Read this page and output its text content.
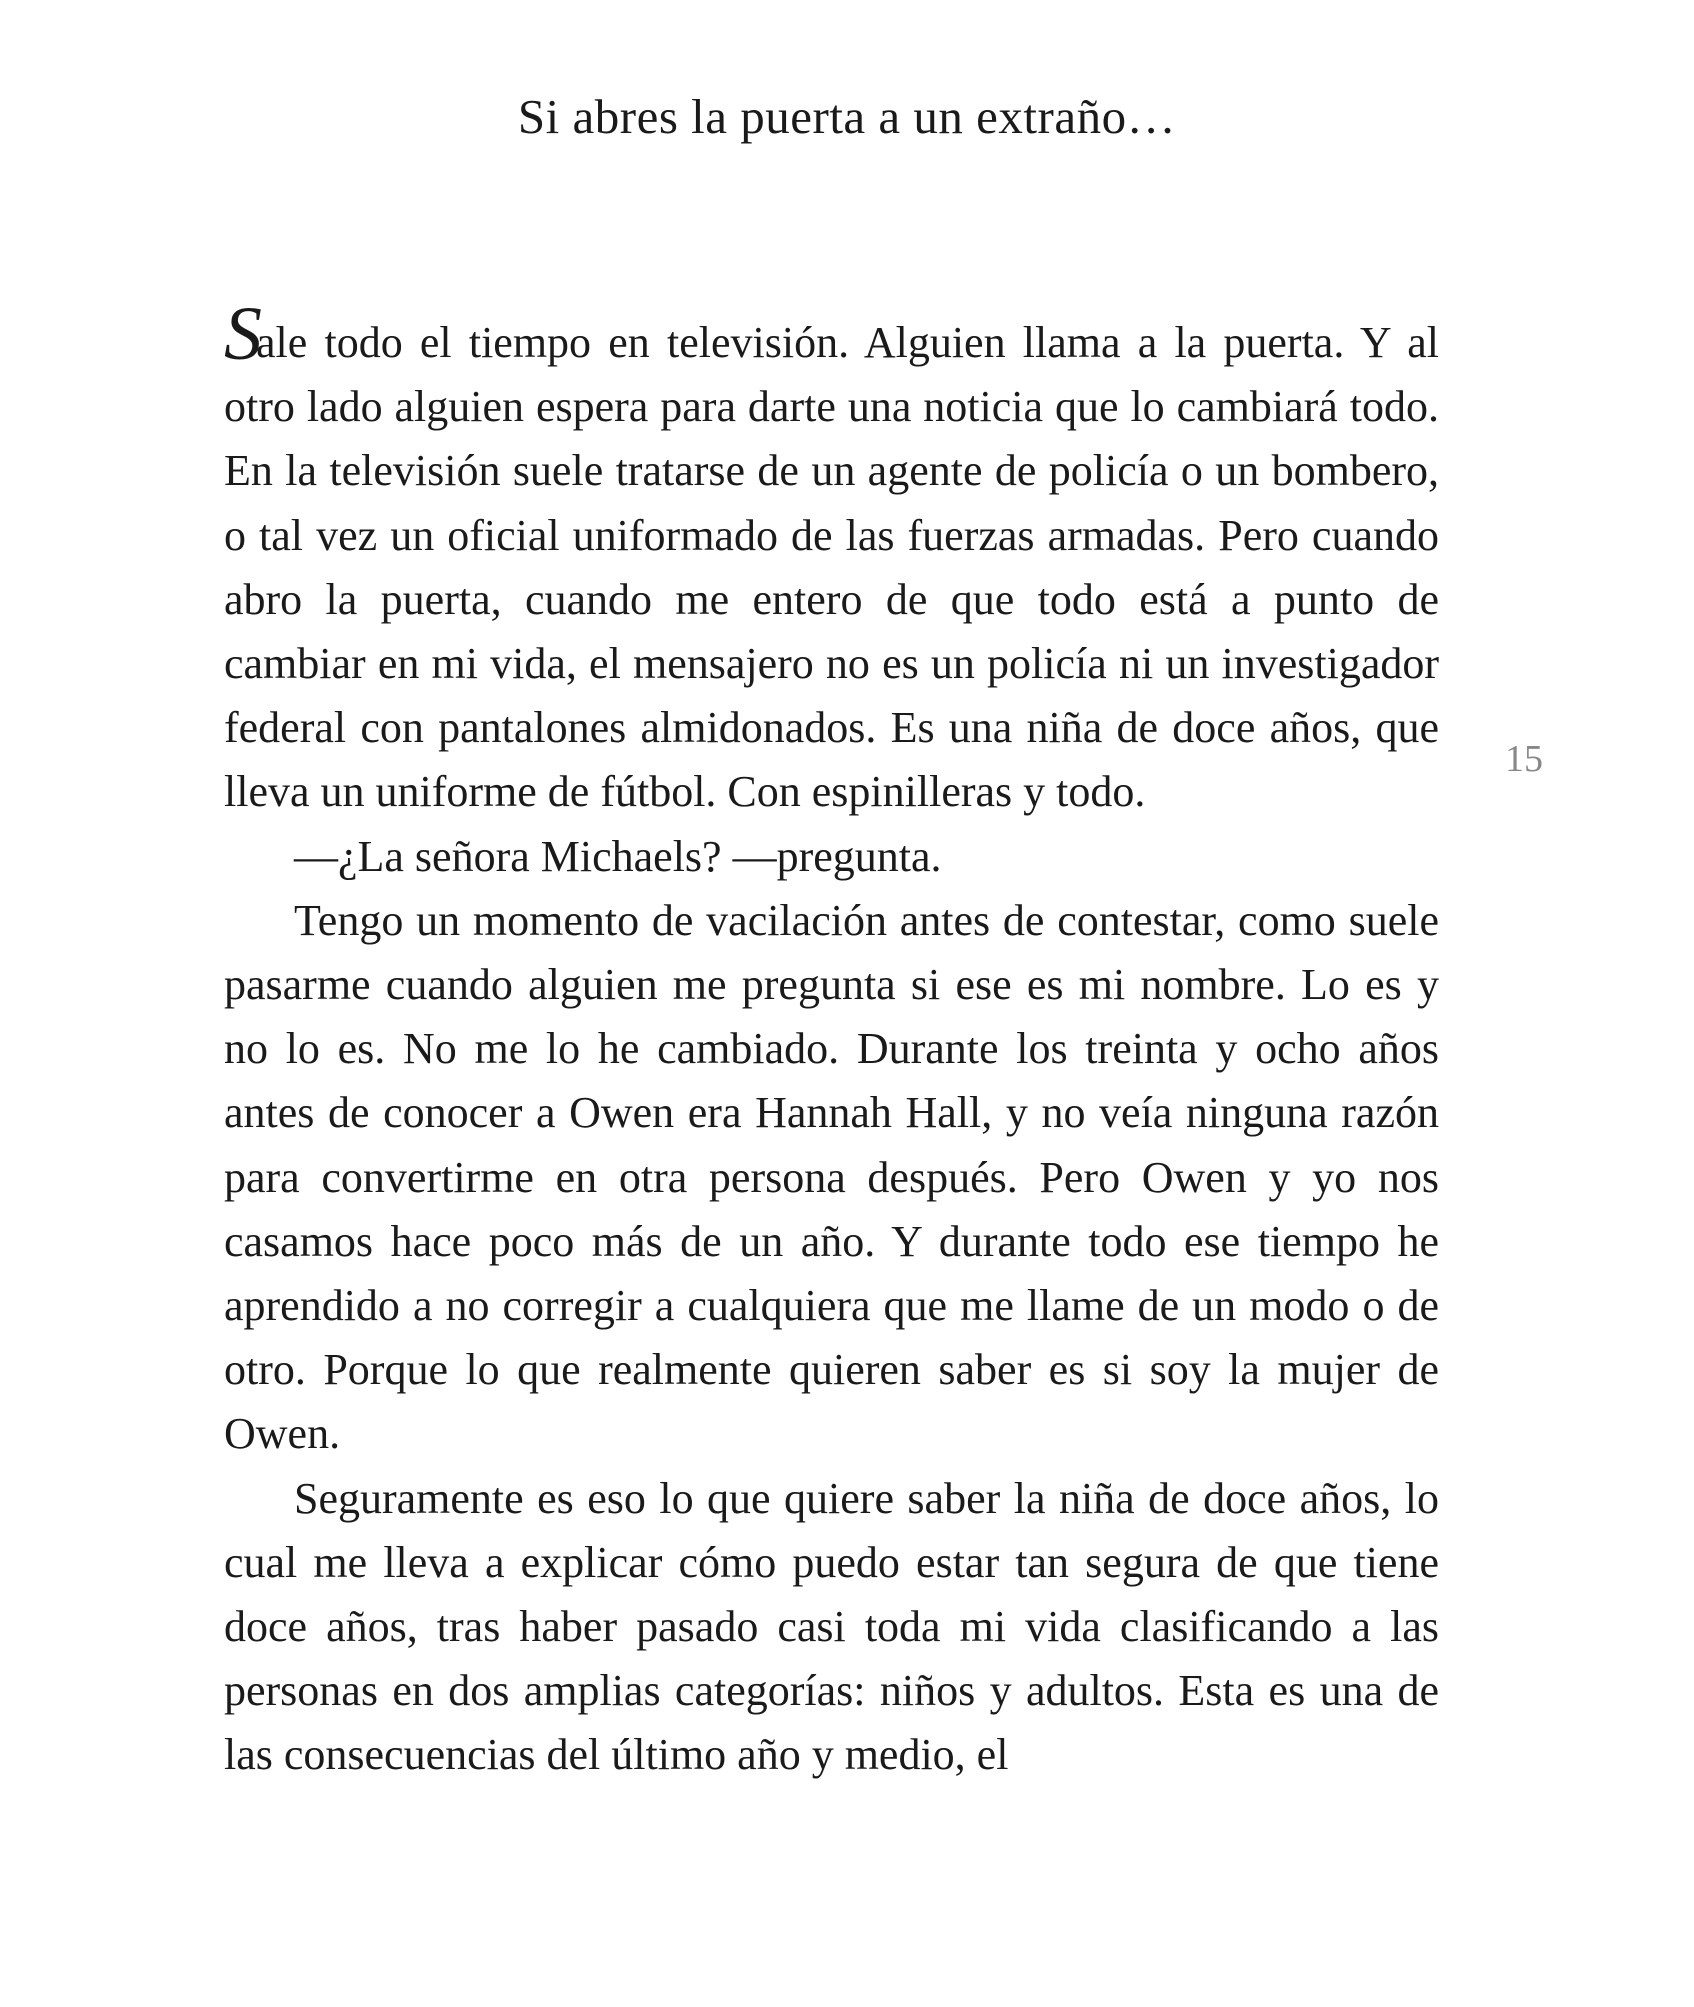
Si abres la puerta a un extraño…
15

Sale todo el tiempo en televisión. Alguien llama a la puerta. Y al otro lado alguien espera para darte una noticia que lo cambiará todo. En la televisión suele tratarse de un agente de policía o un bombero, o tal vez un oficial uniformado de las fuerzas armadas. Pero cuando abro la puerta, cuando me entero de que todo está a punto de cambiar en mi vida, el mensajero no es un policía ni un investigador federal con pantalones almidonados. Es una niña de doce años, que lleva un uniforme de fútbol. Con espinilleras y todo.

—¿La señora Michaels? —pregunta.

Tengo un momento de vacilación antes de contestar, como suele pasarme cuando alguien me pregunta si ese es mi nombre. Lo es y no lo es. No me lo he cambiado. Durante los treinta y ocho años antes de conocer a Owen era Hannah Hall, y no veía ninguna razón para convertirme en otra persona después. Pero Owen y yo nos casamos hace poco más de un año. Y durante todo ese tiempo he aprendido a no corregir a cualquiera que me llame de un modo o de otro. Porque lo que realmente quieren saber es si soy la mujer de Owen.

Seguramente es eso lo que quiere saber la niña de doce años, lo cual me lleva a explicar cómo puedo estar tan segura de que tiene doce años, tras haber pasado casi toda mi vida clasificando a las personas en dos amplias categorías: niños y adultos. Esta es una de las consecuencias del último año y medio, el
